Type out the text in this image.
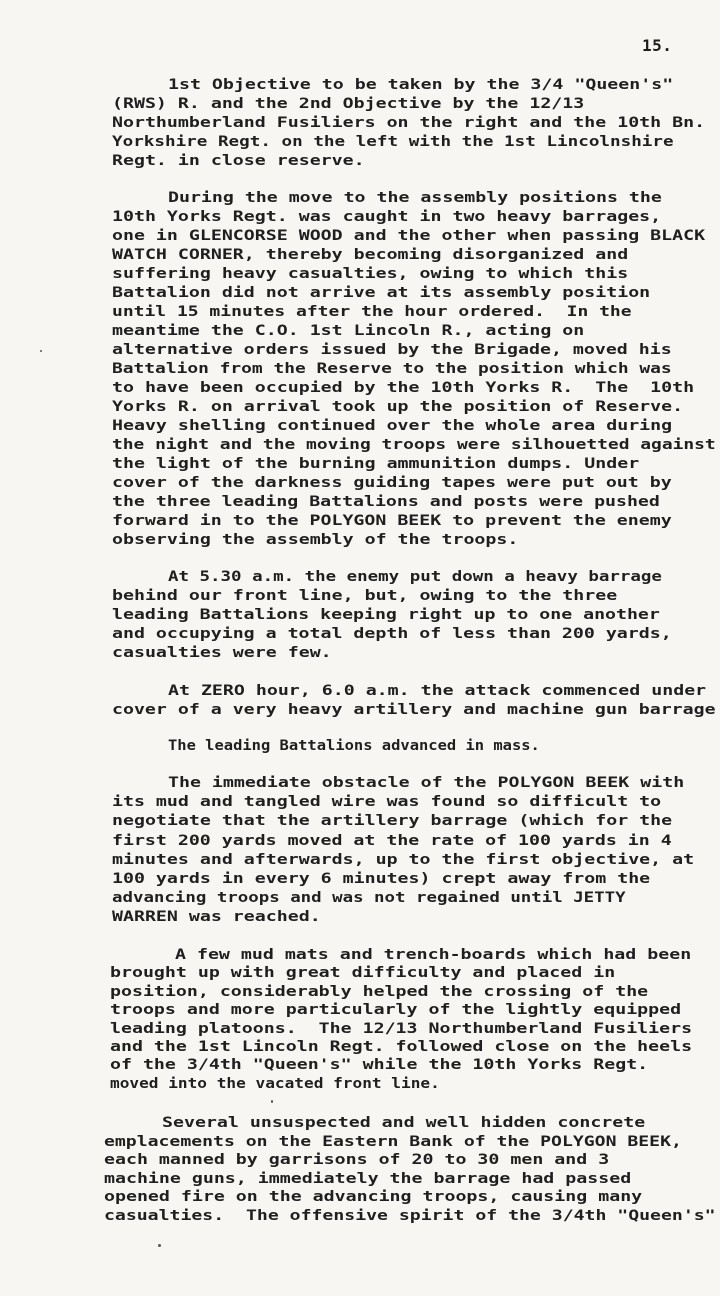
15.
1st Objective to be taken by the 3/4 "Queen's"
(RWS) R. and the 2nd Objective by the 12/13
Northumberland Fusiliers on the right and the 10th Bn.
Yorkshire Regt. on the left with the 1st Lincolnshire
Regt. in close reserve.
During the move to the assembly positions the
10th Yorks Regt. was caught in two heavy barrages,
one in GLENCORSE WOOD and the other when passing BLACK
WATCH CORNER, thereby becoming disorganized and
suffering heavy casualties, owing to which this
Battalion did not arrive at its assembly position
until 15 minutes after the hour ordered.  In the
meantime the C.O. 1st Lincoln R., acting on
alternative orders issued by the Brigade, moved his
Battalion from the Reserve to the position which was
to have been occupied by the 10th Yorks R.  The  10th
Yorks R. on arrival took up the position of Reserve.
Heavy shelling continued over the whole area during
the night and the moving troops were silhouetted against
the light of the burning ammunition dumps. Under
cover of the darkness guiding tapes were put out by
the three leading Battalions and posts were pushed
forward in to the POLYGON BEEK to prevent the enemy
observing the assembly of the troops.
At 5.30 a.m. the enemy put down a heavy barrage
behind our front line, but, owing to the three
leading Battalions keeping right up to one another
and occupying a total depth of less than 200 yards,
casualties were few.
At ZERO hour, 6.0 a.m. the attack commenced under
cover of a very heavy artillery and machine gun barrage
The leading Battalions advanced in mass.
The immediate obstacle of the POLYGON BEEK with
its mud and tangled wire was found so difficult to
negotiate that the artillery barrage (which for the
first 200 yards moved at the rate of 100 yards in 4
minutes and afterwards, up to the first objective, at
100 yards in every 6 minutes) crept away from the
advancing troops and was not regained until JETTY
WARREN was reached.
A few mud mats and trench-boards which had been
brought up with great difficulty and placed in
position, considerably helped the crossing of the
troops and more particularly of the lightly equipped
leading platoons.  The 12/13 Northumberland Fusiliers
and the 1st Lincoln Regt. followed close on the heels
of the 3/4th "Queen's" while the 10th Yorks Regt.
moved into the vacated front line.
Several unsuspected and well hidden concrete
emplacements on the Eastern Bank of the POLYGON BEEK,
each manned by garrisons of 20 to 30 men and 3
machine guns, immediately the barrage had passed
opened fire on the advancing troops, causing many
casualties.  The offensive spirit of the 3/4th "Queen's"
